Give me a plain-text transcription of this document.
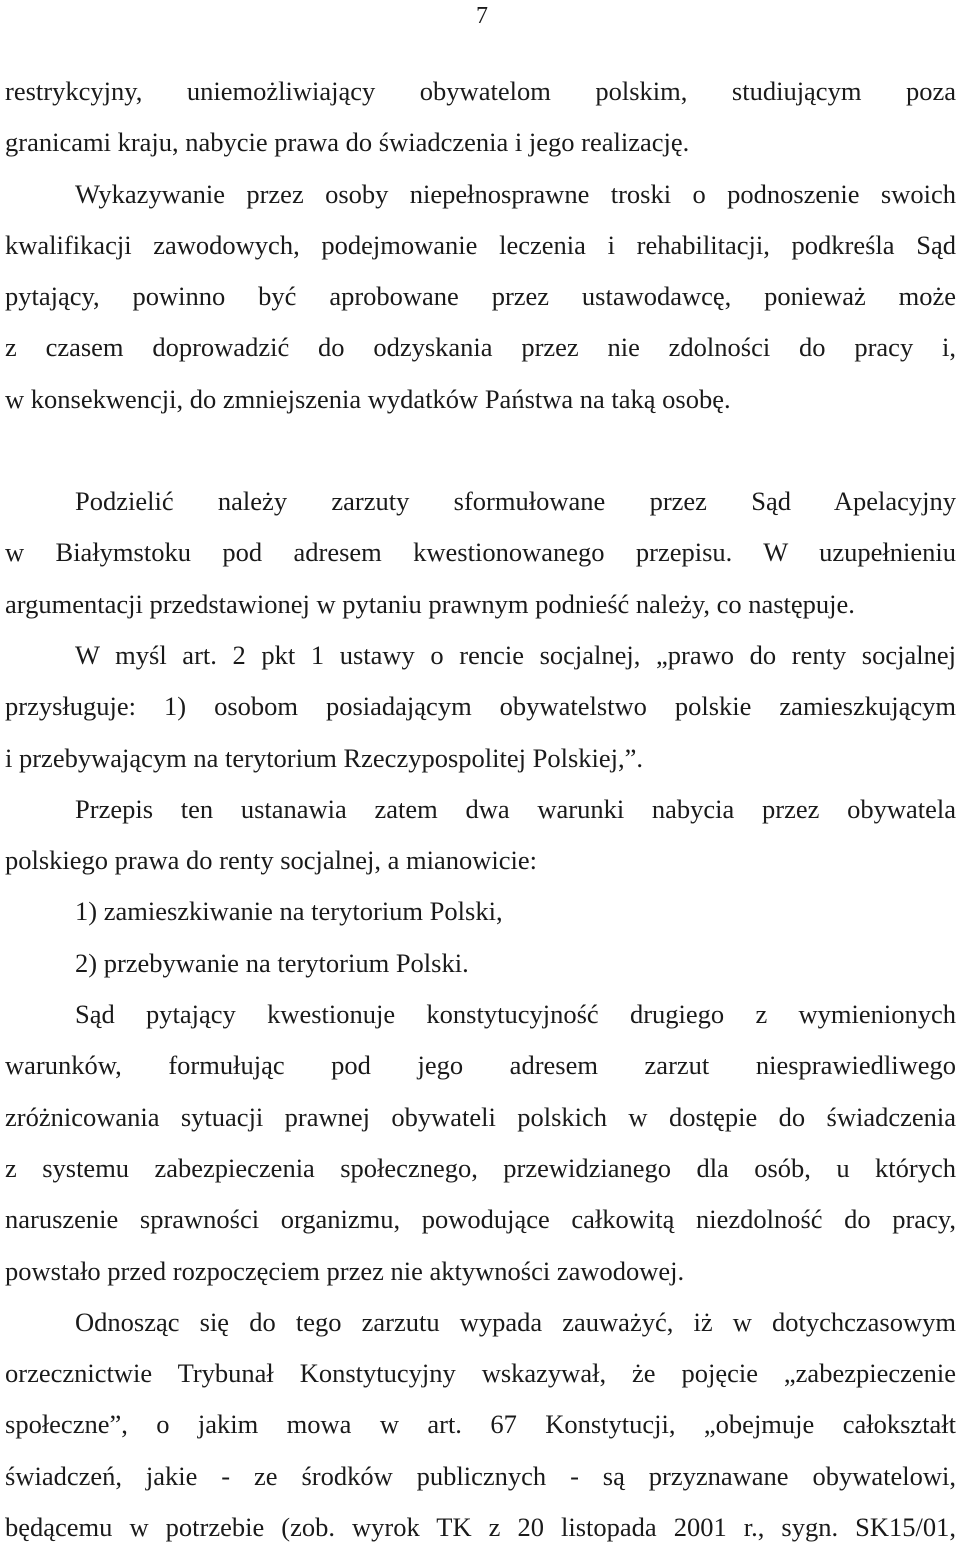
7
restrykcyjny, uniemożliwiający obywatelom polskim, studiującym poza
granicami kraju, nabycie prawa do świadczenia i jego realizację.
Wykazywanie przez osoby niepełnosprawne troski o podnoszenie swoich
kwalifikacji zawodowych, podejmowanie leczenia i rehabilitacji, podkreśla Sąd
pytający, powinno być aprobowane przez ustawodawcę, ponieważ może
z czasem doprowadzić do odzyskania przez nie zdolności do pracy i,
w konsekwencji, do zmniejszenia wydatków Państwa na taką osobę.
Podzielić należy zarzuty sformułowane przez Sąd Apelacyjny
w Białymstoku pod adresem kwestionowanego przepisu. W uzupełnieniu
argumentacji przedstawionej w pytaniu prawnym podnieść należy, co następuje.
W myśl art. 2 pkt 1 ustawy o rencie socjalnej, „prawo do renty socjalnej
przysługuje: 1) osobom posiadającym obywatelstwo polskie zamieszkującym
i przebywającym na terytorium Rzeczypospolitej Polskiej,”.
Przepis ten ustanawia zatem dwa warunki nabycia przez obywatela
polskiego prawa do renty socjalnej, a mianowicie:
1) zamieszkiwanie na terytorium Polski,
2) przebywanie na terytorium Polski.
Sąd pytający kwestionuje konstytucyjność drugiego z wymienionych
warunków, formułując pod jego adresem zarzut niesprawiedliwego
zróżnicowania sytuacji prawnej obywateli polskich w dostępie do świadczenia
z systemu zabezpieczenia społecznego, przewidzianego dla osób, u których
naruszenie sprawności organizmu, powodujące całkowitą niezdolność do pracy,
powstało przed rozpoczęciem przez nie aktywności zawodowej.
Odnosząc się do tego zarzutu wypada zauważyć, iż w dotychczasowym
orzecznictwie Trybunał Konstytucyjny wskazywał, że pojęcie „zabezpieczenie
społeczne”, o jakim mowa w art. 67 Konstytucji, „obejmuje całokształt
świadczeń, jakie - ze środków publicznych - są przyznawane obywatelowi,
będącemu w potrzebie (zob. wyrok TK z 20 listopada 2001 r., sygn. SK15/01,
